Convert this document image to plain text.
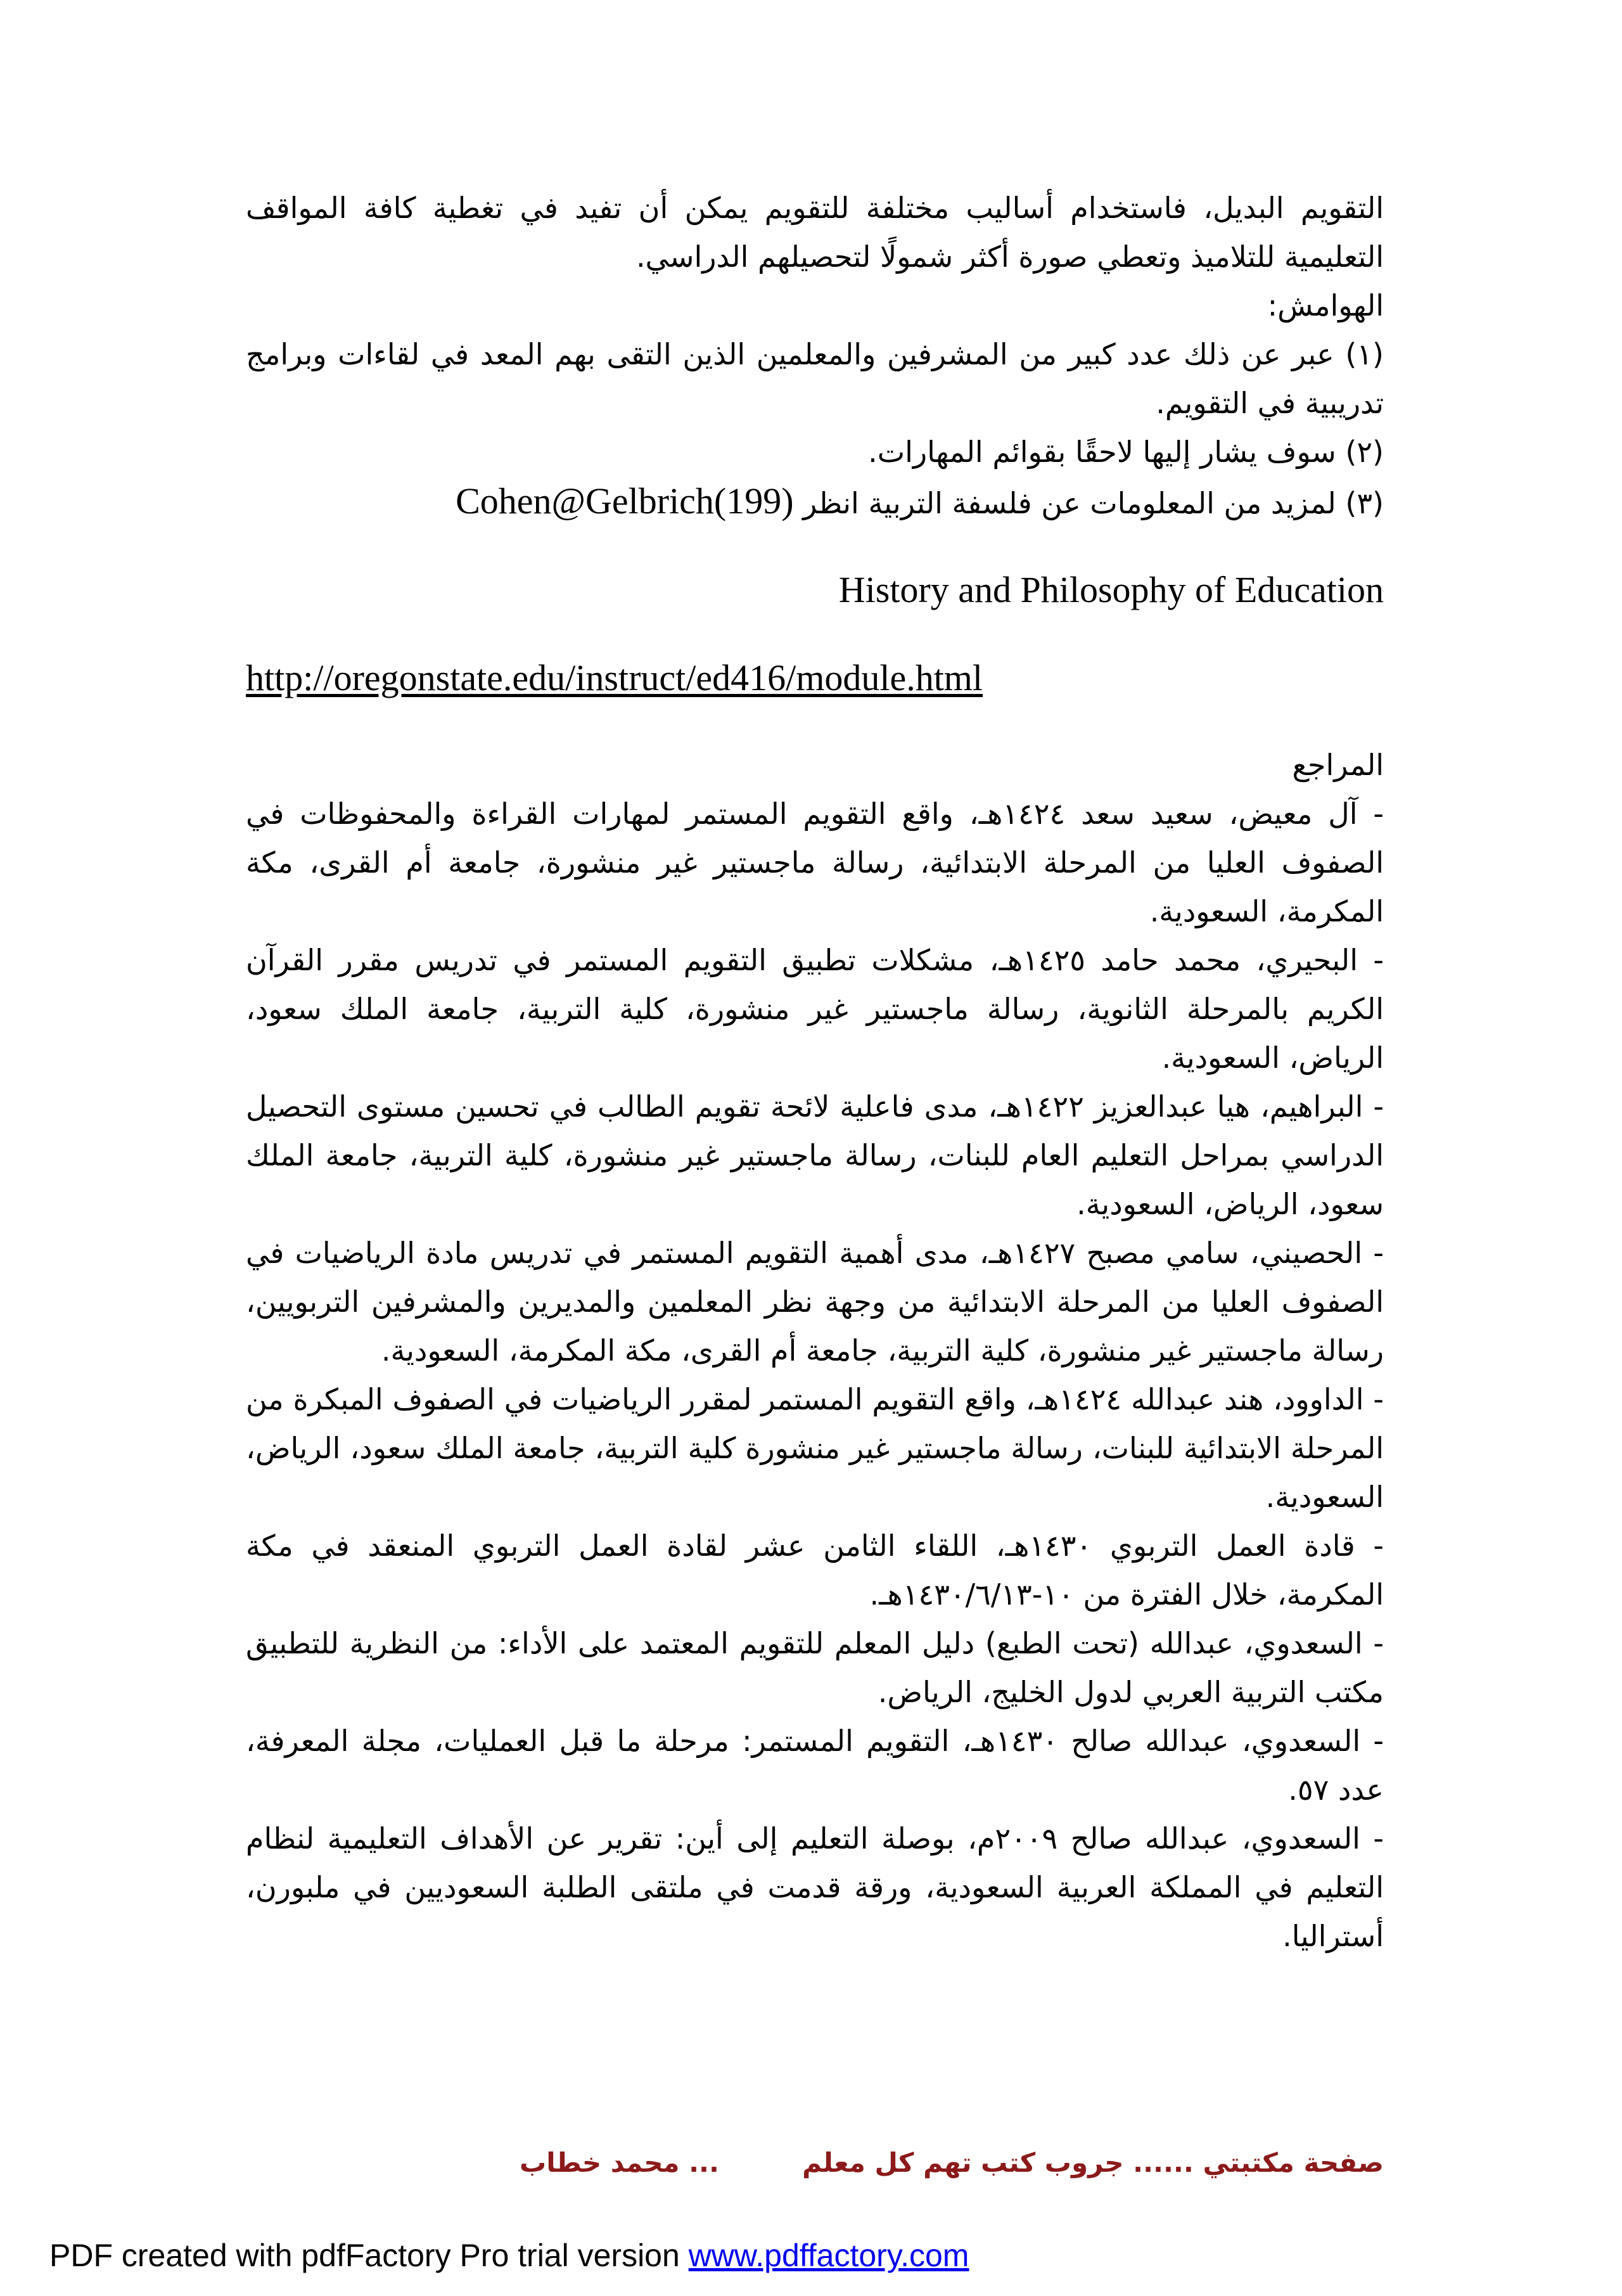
التقويم البديل، فاستخدام أساليب مختلفة للتقويم يمكن أن تفيد في تغطية كافة المواقف التعليمية للتلاميذ وتعطي صورة أكثر شمولًا لتحصيلهم الدراسي.

الهوامش:

(١) عبر عن ذلك عدد كبير من المشرفين والمعلمين الذين التقى بهم المعد في لقاءات وبرامج تدريبية في التقويم.

(٢) سوف يشار إليها لاحقًا بقوائم المهارات.

(٣) لمزيد من المعلومات عن فلسفة التربية انظر Cohen@Gelbrich(199)

History and Philosophy of Education

http://oregonstate.edu/instruct/ed416/module.html

المراجع

- آل معيض، سعيد سعد ١٤٢٤هـ، واقع التقويم المستمر لمهارات القراءة والمحفوظات في الصفوف العليا من المرحلة الابتدائية، رسالة ماجستير غير منشورة، جامعة أم القرى، مكة المكرمة، السعودية.

- البحيري، محمد حامد ١٤٢٥هـ، مشكلات تطبيق التقويم المستمر في تدريس مقرر القرآن الكريم بالمرحلة الثانوية، رسالة ماجستير غير منشورة، كلية التربية، جامعة الملك سعود، الرياض، السعودية.

- البراهيم، هيا عبدالعزيز ١٤٢٢هـ، مدى فاعلية لائحة تقويم الطالب في تحسين مستوى التحصيل الدراسي بمراحل التعليم العام للبنات، رسالة ماجستير غير منشورة، كلية التربية، جامعة الملك سعود، الرياض، السعودية.

- الحصيني، سامي مصبح ١٤٢٧هـ، مدى أهمية التقويم المستمر في تدريس مادة الرياضيات في الصفوف العليا من المرحلة الابتدائية من وجهة نظر المعلمين والمديرين والمشرفين التربويين، رسالة ماجستير غير منشورة، كلية التربية، جامعة أم القرى، مكة المكرمة، السعودية.

- الداوود، هند عبدالله ١٤٢٤هـ، واقع التقويم المستمر لمقرر الرياضيات في الصفوف المبكرة من المرحلة الابتدائية للبنات، رسالة ماجستير غير منشورة كلية التربية، جامعة الملك سعود، الرياض، السعودية.

- قادة العمل التربوي ١٤٣٠هـ، اللقاء الثامن عشر لقادة العمل التربوي المنعقد في مكة المكرمة، خلال الفترة من ١٠-١٤٣٠/٦/١٣هـ.

- السعدوي، عبدالله (تحت الطبع) دليل المعلم للتقويم المعتمد على الأداء: من النظرية للتطبيق مكتب التربية العربي لدول الخليج، الرياض.

- السعدوي، عبدالله صالح ١٤٣٠هـ، التقويم المستمر: مرحلة ما قبل العمليات، مجلة المعرفة، عدد ٥٧.

- السعدوي، عبدالله صالح ٢٠٠٩م، بوصلة التعليم إلى أين: تقرير عن الأهداف التعليمية لنظام التعليم في المملكة العربية السعودية، ورقة قدمت في ملتقى الطلبة السعوديين في ملبورن، أستراليا.

صفحة مكتبتي ...... جروب كتب تهم كل معلم
... محمد خطاب
PDF created with pdfFactory Pro trial version www.pdffactory.com
